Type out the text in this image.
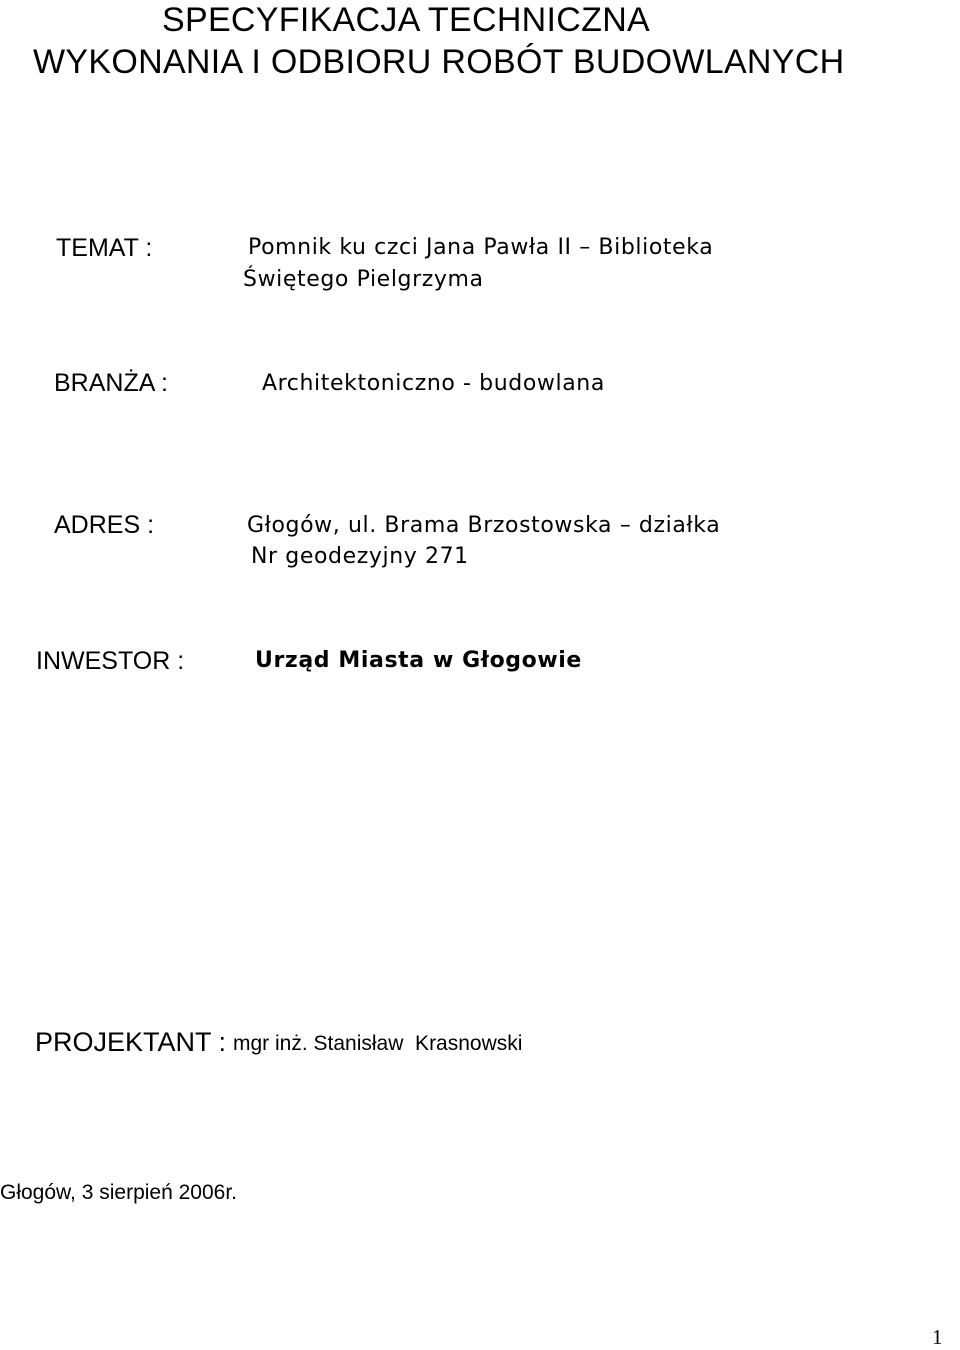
SPECYFIKACJA TECHNICZNA
WYKONANIA I ODBIORU ROBÓT BUDOWLANYCH
TEMAT :	Pomnik ku czci Jana Pawła II – Biblioteka
Świętego Pielgrzyma
BRANŻA :	Architektoniczno - budowlana
ADRES :	Głogów, ul. Brama Brzostowska – działka
Nr geodezyjny 271
INWESTOR :	Urząd Miasta w Głogowie
PROJEKTANT : mgr inż. Stanisław  Krasnowski
Głogów, 3 sierpień 2006r.
1
